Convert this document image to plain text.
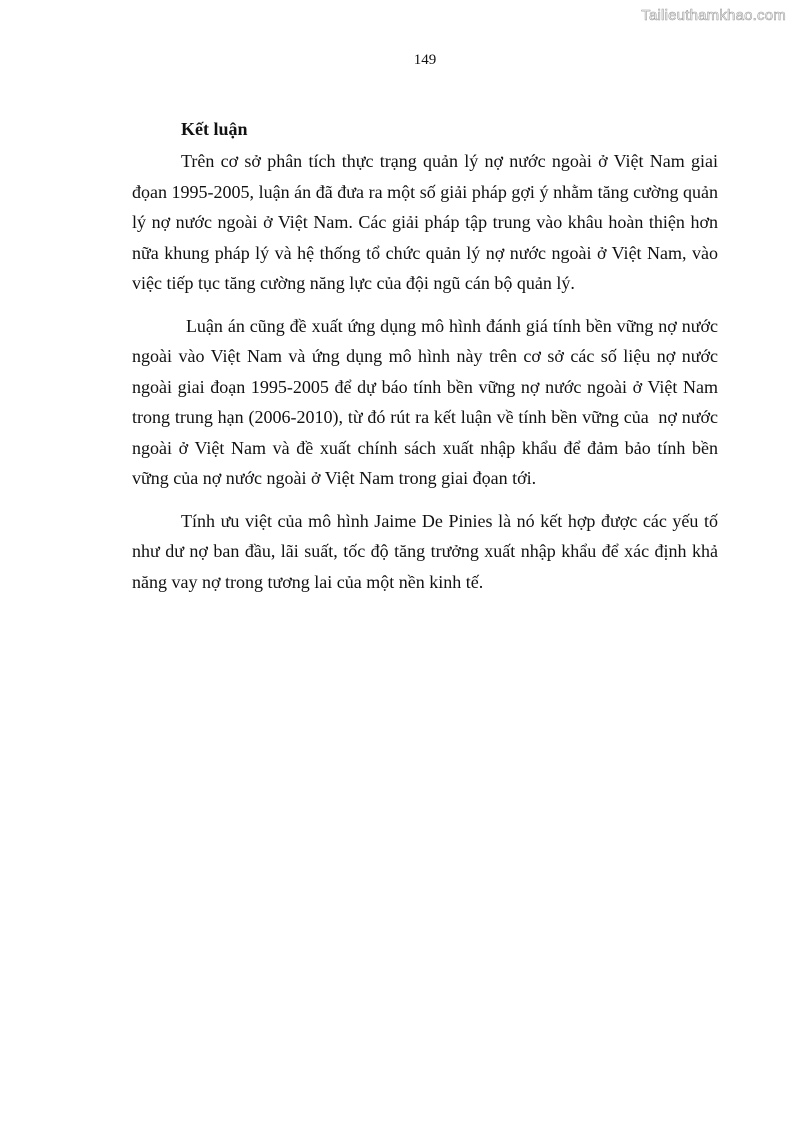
Tailieuthamkhao.com
149

Kết luận

Trên cơ sở phân tích thực trạng quản lý nợ nước ngoài ở Việt Nam giai đọan 1995-2005, luận án đã đưa ra một số giải pháp gợi ý nhằm tăng cường quản lý nợ nước ngoài ở Việt Nam. Các giải pháp tập trung vào khâu hoàn thiện hơn nữa khung pháp lý và hệ thống tổ chức quản lý nợ nước ngoài ở Việt Nam, vào việc tiếp tục tăng cường năng lực của đội ngũ cán bộ quản lý.

Luận án cũng đề xuất ứng dụng mô hình đánh giá tính bền vững nợ nước ngoài vào Việt Nam và ứng dụng mô hình này trên cơ sở các số liệu nợ nước ngoài giai đoạn 1995-2005 để dự báo tính bền vững nợ nước ngoài ở Việt Nam  trong trung hạn (2006-2010), từ đó rút ra kết luận về tính bền vững của  nợ nước ngoài ở Việt Nam và đề xuất chính sách xuất nhập khẩu để đảm bảo tính bền vững của nợ nước ngoài ở Việt Nam trong giai đọan tới.

Tính ưu việt của mô hình Jaime De Pinies là nó kết hợp được các yếu tố như dư nợ ban đầu, lãi suất, tốc độ tăng trưởng xuất nhập khẩu để xác định khả năng vay nợ trong tương lai của một nền kinh tế.
